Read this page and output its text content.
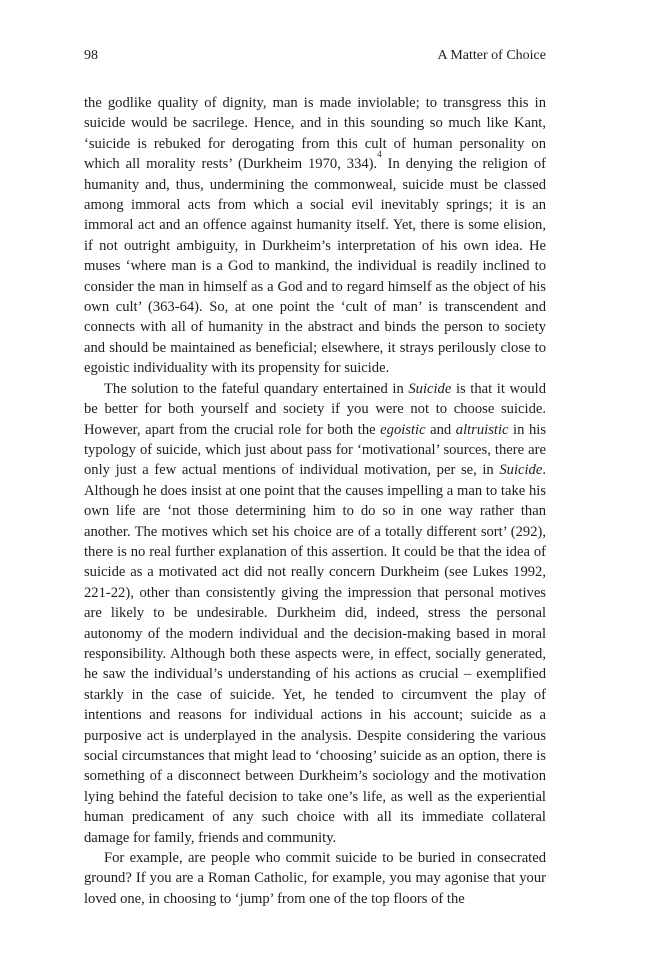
98	A Matter of Choice

the godlike quality of dignity, man is made inviolable; to transgress this in suicide would be sacrilege. Hence, and in this sounding so much like Kant, ‘suicide is rebuked for derogating from this cult of human personality on which all morality rests’ (Durkheim 1970, 334).$^4$ In denying the religion of humanity and, thus, undermining the commonweal, suicide must be classed among immoral acts from which a social evil inevitably springs; it is an immoral act and an offence against humanity itself. Yet, there is some elision, if not outright ambiguity, in Durkheim’s interpretation of his own idea. He muses ‘where man is a God to mankind, the individual is readily inclined to consider the man in himself as a God and to regard himself as the object of his own cult’ (363-64). So, at one point the ‘cult of man’ is transcendent and connects with all of humanity in the abstract and binds the person to society and should be maintained as beneficial; elsewhere, it strays perilously close to egoistic individuality with its propensity for suicide.

The solution to the fateful quandary entertained in Suicide is that it would be better for both yourself and society if you were not to choose suicide. However, apart from the crucial role for both the egoistic and altruistic in his typology of suicide, which just about pass for ‘motivational’ sources, there are only just a few actual mentions of individual motivation, per se, in Suicide. Although he does insist at one point that the causes impelling a man to take his own life are ‘not those determining him to do so in one way rather than another. The motives which set his choice are of a totally different sort’ (292), there is no real further explanation of this assertion. It could be that the idea of suicide as a motivated act did not really concern Durkheim (see Lukes 1992, 221-22), other than consistently giving the impression that personal motives are likely to be undesirable. Durkheim did, indeed, stress the personal autonomy of the modern individual and the decision-making based in moral responsibility. Although both these aspects were, in effect, socially generated, he saw the individual’s understanding of his actions as crucial – exemplified starkly in the case of suicide. Yet, he tended to circumvent the play of intentions and reasons for individual actions in his account; suicide as a purposive act is underplayed in the analysis. Despite considering the various social circumstances that might lead to ‘choosing’ suicide as an option, there is something of a disconnect between Durkheim’s sociology and the motivation lying behind the fateful decision to take one’s life, as well as the experiential human predicament of any such choice with all its immediate collateral damage for family, friends and community.

For example, are people who commit suicide to be buried in consecrated ground? If you are a Roman Catholic, for example, you may agonise that your loved one, in choosing to ‘jump’ from one of the top floors of the
